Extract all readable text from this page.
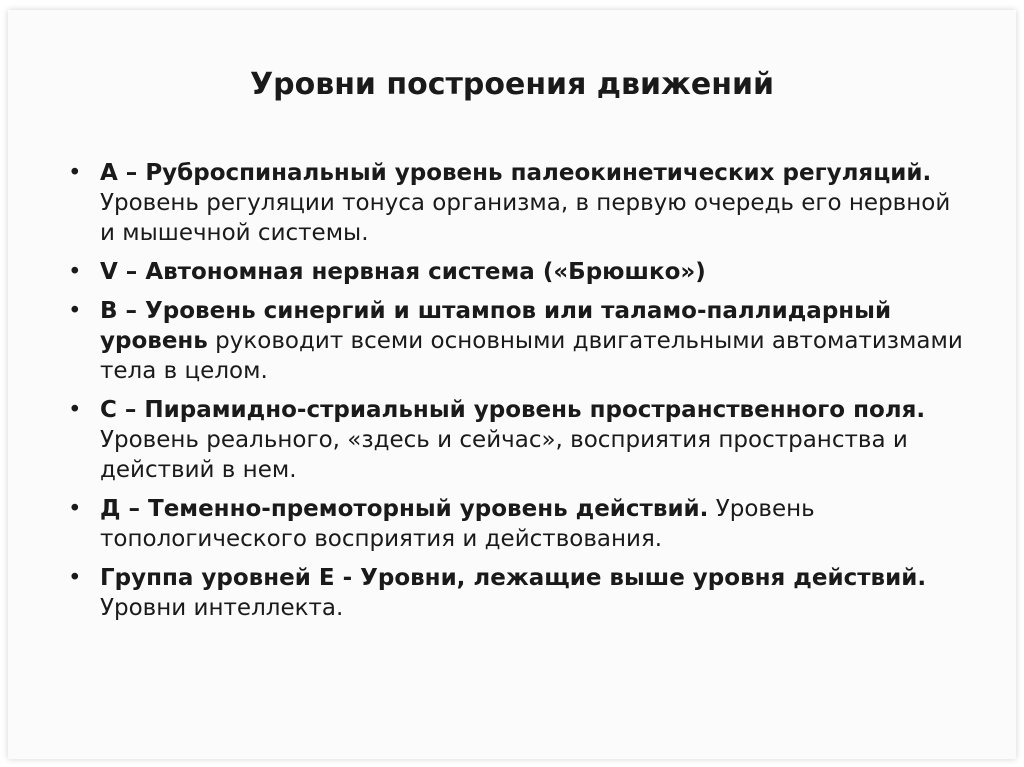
Уровни построения движений
• А – Руброспинальный уровень палеокинетических регуляций. Уровень регуляции тонуса организма, в первую очередь его нервной и мышечной системы.
• V – Автономная нервная система («Брюшко»)
• В – Уровень синергий и штампов или таламо-паллидарный уровень руководит всеми основными двигательными автоматизмами тела в целом.
• С – Пирамидно-стриальный уровень пространственного поля. Уровень реального, «здесь и сейчас», восприятия пространства и действий в нем.
• Д – Теменно-премоторный уровень действий. Уровень топологического восприятия и действования.
• Группа уровней Е - Уровни, лежащие выше уровня действий. Уровни интеллекта.
